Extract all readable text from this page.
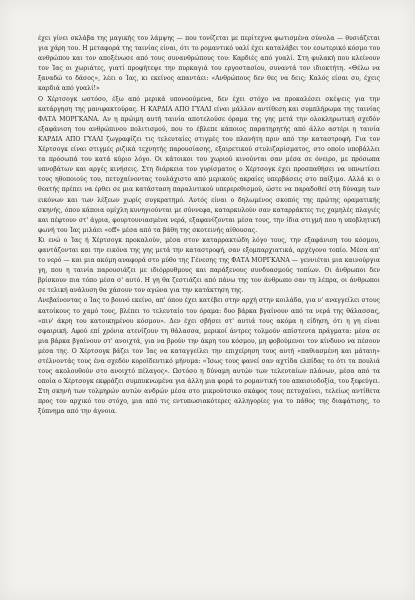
έχει γίνει σκλάβα της μαγικής του λάμψης — που τονίζεται με περίτεχνα φωτισμένα σύνολα — θυσιάζεται για χάρη του. Η μεταφορά της ταινίας είναι, ότι το ρομαντικό υαλί έχει καταλάβει τον εσωτερικό κόσμο του ανθρώπου και τον αποξένωσε από τους συνανθρώπους του: Καρδιές από γυαλί. Στη φυλακή που κλείνουν τον Ίας οι χωριάτες, γιατί προφήτεψε την πυρκαγιά του εργοστασίου, συναντά τον ιδιοκτήτη. «Θέλω να ξαναδώ το δάσος», λέει ο Ίας, κι εκείνος απαντάει: «Ανθρώπους δεν θες να δεις; Καλός είσαι συ, έχεις καρδιά από γυαλί!»

Ο Χέρτσογκ ωστόσο, έξω από μερικά υπονοούμενα, δεν έχει στόχο να προκαλέσει σκέψεις για την κατάργηση της μανιφακτούρας. Η ΚΑΡΔΙΑ ΑΠΟ ΓΥΑΛΙ είναι μάλλον αντίθεση και συμπλήρωμα της ταινίας ΦΑΤΑ ΜΟΡΓΚΑΝΑ. Αν η πρώιμη αυτή ταινία αποτελούσε όραμα της γης μετά την ολοκληρωτική σχεδόν εξαφάνιση του ανθρώπινου πολιτισμού, που το έβλεπε κάποιος παρατηρητής από άλλο αστέρι η ταινία ΚΑΡΔΙΑ ΑΠΟ ΓΥΑΛΙ ζωγραφίζει τις τελευταίες στιγμές του πλανήτη πριν από την καταστροφή. Για τον Χέρτσογκ είναι στιγμές ριζικά τεχνητής παρουσίασης, εξαιρετικού στυλιζαρίσματος, στο οποίο υποβάλλει τα πρόσωπά του κατά κύριο λόγο. Οι κάτοικοι του χωριού κινούνται σαν μέσα σε όνειρο, με πρόσωπα υπνοβάτων και αργές κινήσεις. Στη διάρκεια του γυρίσματος ο Χέρτσογκ έχει προσπαθήσει να υπνωτίσει τους ηθοποιούς του, πετυχαίνοντας τουλάχιστο από μερικούς ακραίες υπερβάσεις στο παίξιμο. Αλλά κι ο θεατής πρέπει να έρθει σε μια κατάσταση παραλυτικού υπερερεθισμού, ώστε να παραδοθεί στη δύναμη των εικόνων και των λέξεων χωρίς συγκρατημό. Αυτός είναι ο δηλωμένος σκοπός της πρώτης οραματικής σκηνής, όπου κάποια ομίχλη κυνηγιούνται με σύννεφα, καταρκυλούν σαν καταρράκτες τις χαμηλές πλαγιές και πέφτουν στ' άγρια, φουρτουνιασμένα νερά, εξαφανίζονται μέσα τους, την ίδια στιγμή που η υποβλητική φωνή του Ίας μιλάει «off» μέσα από τα βάθη της σκοτεινής αίθουσας.

Κι ενώ ο Ίας ή Χέρτσογκ προκαλούν, μέσα στον καταρρακτώδη λόγο τους, την εξαφάνιση του κόσμου, φαντάζονται και την εικόνα της γης μετά την καταστροφή, σαν εξομπαρχιατικά, αρχέγονο τοπίο. Μέσα απ' το νερό — και μια ακόμη αναφορά στο μύθο της Γένεσης της ΦΑΤΑ ΜΟΡΓΚΑΝΑ — γεννιέται μια καινούργια γη, που η ταινία παρουσιάζει με ιδιόρρυθμους και παράξενους συνδυασμούς τοπίων. Οι άνθρωποι δεν βρίσκουν πια τόπο μέσα σ' αυτό. Η γη θα ζεστιάζει από πάνω της τον άνθρωπο σαν τη λέπρα, οι άνθρωποι σε τελική ανάλυση θα χάσουν τον αγώνα για την κατάκτηση της.

Ανεβαίνοντας ο Ίας το βουνό εκείνο, απ' όπου έχει κατέβει στην αρχή στην κοιλάδα, για ν' αναγγείλει στους κατοίκους το χαμό τους, βλέπει το τελευταίο του όραμα: δυο βάρκα βγαίνουν από τα νερά της θάλασσας, «πιν' άκρη του κατοικημένου κόσμου». Δεν έχει σβήσει στ' αυτιά τους ακόμα η είδηση, ότι η γη είναι σφαιρική. Αφού επί χρόνια ατενίζουν τη θάλασσα, μερικοί άντρες τολμούν απίστευτα πράγματα: μέσα σε μια βάρκα βγαίνουν στ' ανοιχτά, για να βρούν την άκρη του κόσμου, μη φοβούμενοι τον κίνδυνο να πέσουν μέσα της. Ο Χέρτσογκ βάζει τον Ίας να καταγγείλει την επιχείρηση τους αυτή «παθιασμένη και μάταιη» στέλνοντάς τους ένα σχεδόν κοροϊδευτικό μήνυμα: «Ίσως τους φανεί σαν αχτίδα ελπίδας το ότι τα πουλιά τους ακολουθούν στο ανοιχτό πέλαγος». Ωστόσο η δύναμη αυτών των τελευταίων πλάνων, μέσα από τα οποία ο Χέρτσογκ εκφράζει συμπυκνωμένα για άλλη μια φορά το ρομαντική του απαισιοδοξία, του ξεφεύγει. Στη σκηνή των τολμηρών αυτών ανδρών μέσα στο μικρούτσικο σκάφος τους πετυχαίνει, τελείως αντίθετα προς τον αρχικό του στόχο, μια από τις εντυπωσιακότερες αλληγορίες για το πάθος της διαφάτισης, το ξύπνημα από την άγνοια.
